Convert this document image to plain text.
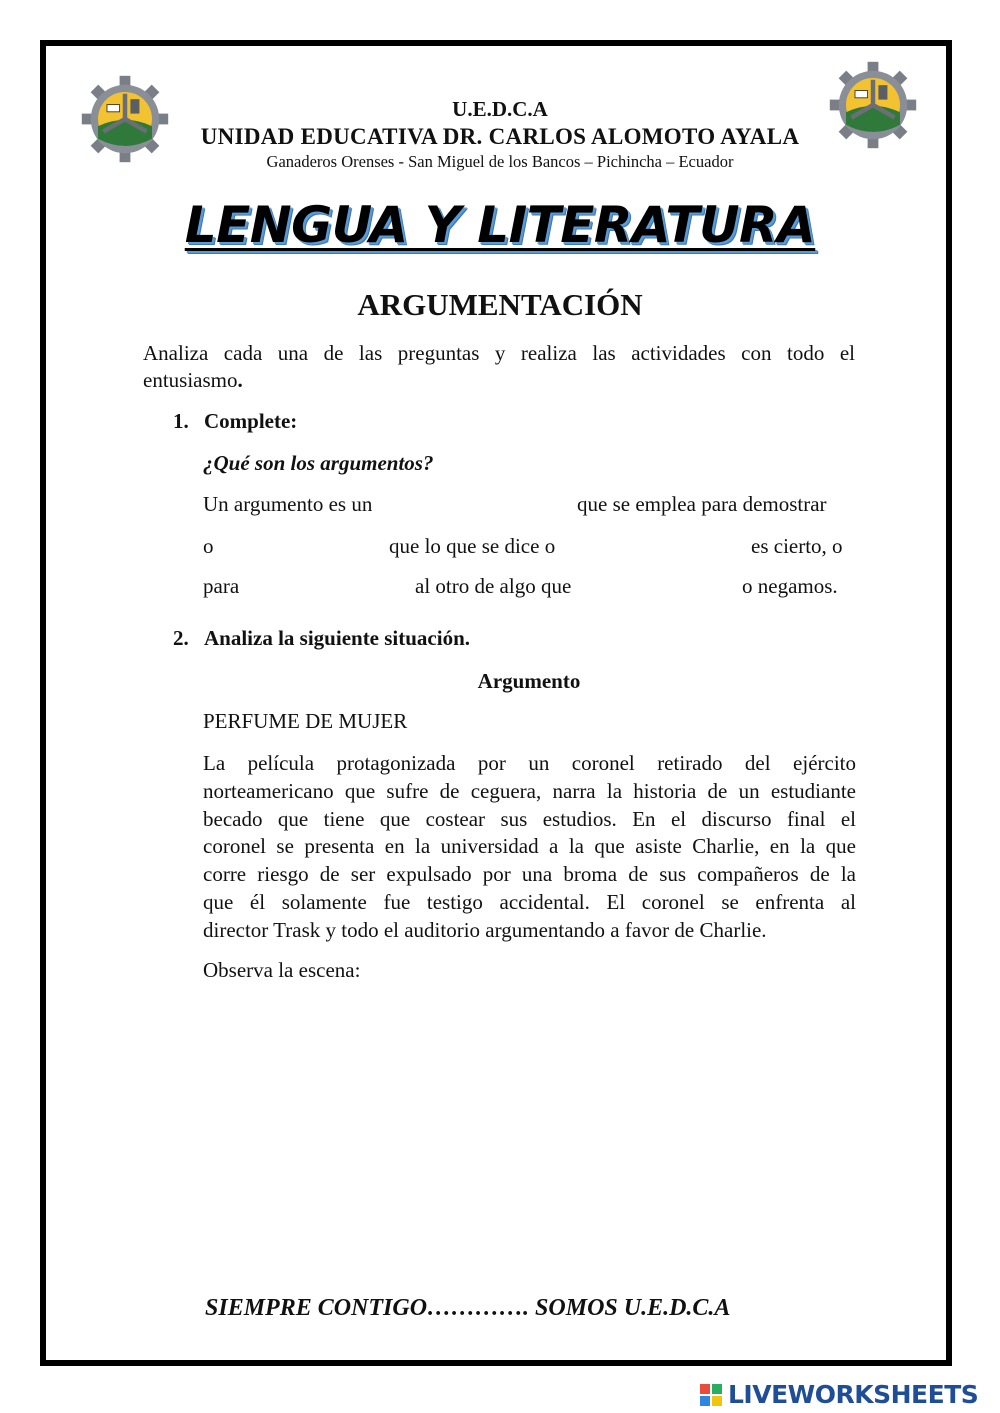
U.E.D.C.A
UNIDAD EDUCATIVA DR. CARLOS ALOMOTO AYALA
Ganaderos Orenses - San Miguel de los Bancos – Pichincha – Ecuador
LENGUA Y LITERATURA
ARGUMENTACIÓN
Analiza cada una de las preguntas y realiza las actividades con todo el
entusiasmo.
1. Complete:
¿Qué son los argumentos?
Un argumento es un	que se emplea para demostrar
o	que lo que se dice o	es cierto, o
para	al otro de algo que	o negamos.
2. Analiza la siguiente situación.
Argumento
PERFUME DE MUJER
La película protagonizada por un coronel retirado del ejército
norteamericano que sufre de ceguera, narra la historia de un estudiante
becado que tiene que costear sus estudios. En el discurso final el
coronel se presenta en la universidad a la que asiste Charlie, en la que
corre riesgo de ser expulsado por una broma de sus compañeros de la
que él solamente fue testigo accidental. El coronel se enfrenta al
director Trask y todo el auditorio argumentando a favor de Charlie.
Observa la escena:
SIEMPRE CONTIGO…………. SOMOS U.E.D.C.A
LIVEWORKSHEETS
